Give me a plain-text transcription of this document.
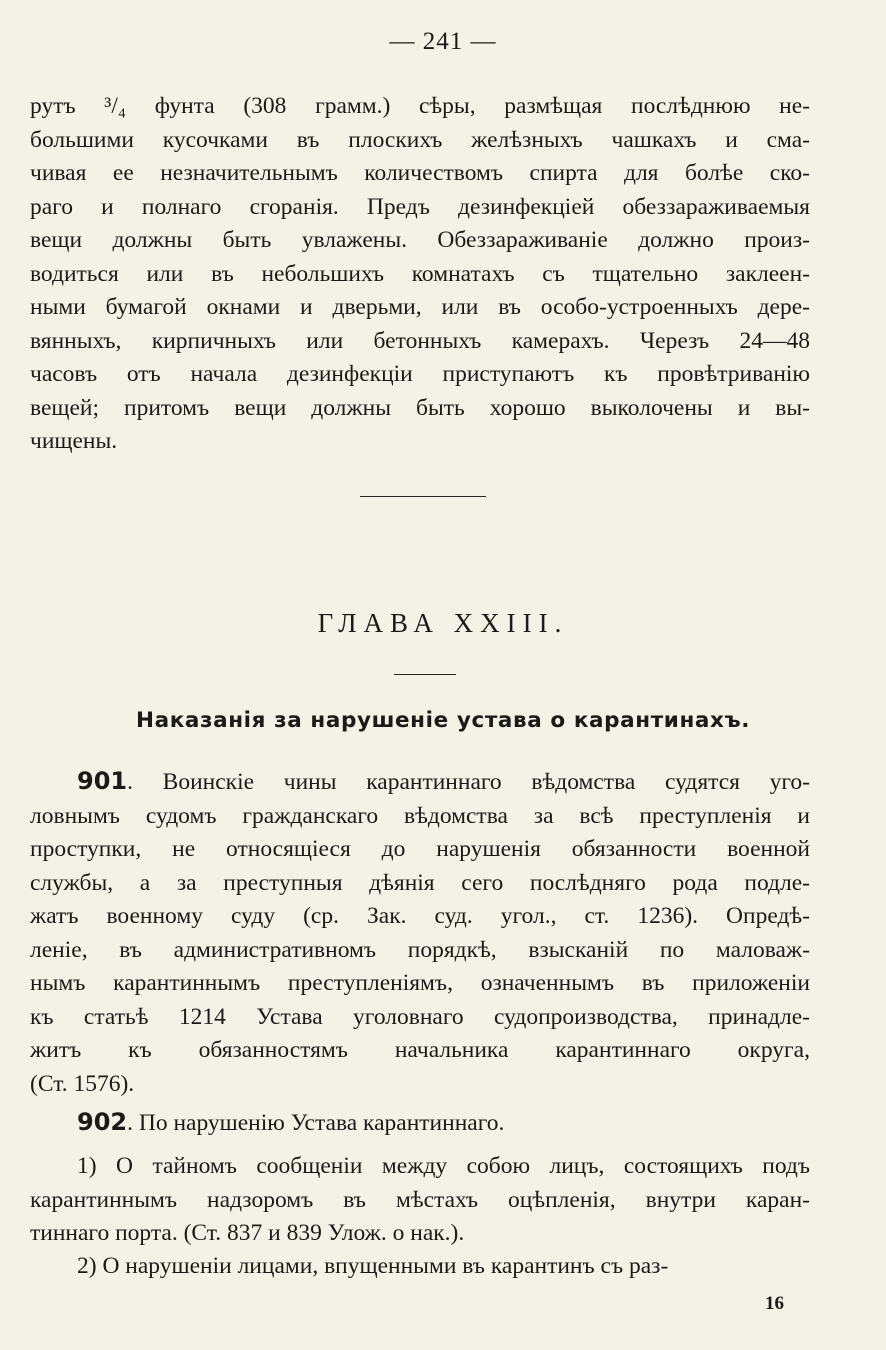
— 241 —
рутъ ³/₄ фунта (308 грамм.) сѣры, размѣщая послѣднюю не-
большими кусочками въ плоскихъ желѣзныхъ чашкахъ и сма-
чивая ее незначительнымъ количествомъ спирта для болѣе ско-
раго и полнаго сгоранія. Предъ дезинфекціей обеззараживаемыя
вещи должны быть увлажены. Обеззараживаніе должно произ-
водиться или въ небольшихъ комнатахъ съ тщательно заклеен-
ными бумагой окнами и дверьми, или въ особо-устроенныхъ дере-
вянныхъ, кирпичныхъ или бетонныхъ камерахъ. Черезъ 24—48
часовъ отъ начала дезинфекціи приступаютъ къ провѣтриванію
вещей; притомъ вещи должны быть хорошо выколочены и вы-
чищены.
ГЛАВА XXIII.
Наказанія за нарушеніе устава о карантинахъ.
901. Воинскіе чины карантиннаго вѣдомства судятся уго-
ловнымъ судомъ гражданскаго вѣдомства за всѣ преступленія и
проступки, не относящіеся до нарушенія обязанности военной
службы, а за преступныя дѣянія сего послѣдняго рода подле-
жатъ военному суду (ср. Зак. суд. угол., ст. 1236). Опредѣ-
леніе, въ административномъ порядкѣ, взысканій по маловаж-
нымъ карантиннымъ преступленіямъ, означеннымъ въ приложеніи
къ статьѣ 1214 Устава уголовнаго судопроизводства, принадле-
житъ къ обязанностямъ начальника карантиннаго округа,
(Ст. 1576).
902. По нарушенію Устава карантиннаго.
1) О тайномъ сообщеніи между собою лицъ, состоящихъ подъ
карантиннымъ надзоромъ въ мѣстахъ оцѣпленія, внутри каран-
тиннаго порта. (Ст. 837 и 839 Улож. о нак.).
2) О нарушеніи лицами, впущенными въ карантинъ съ раз-
16
